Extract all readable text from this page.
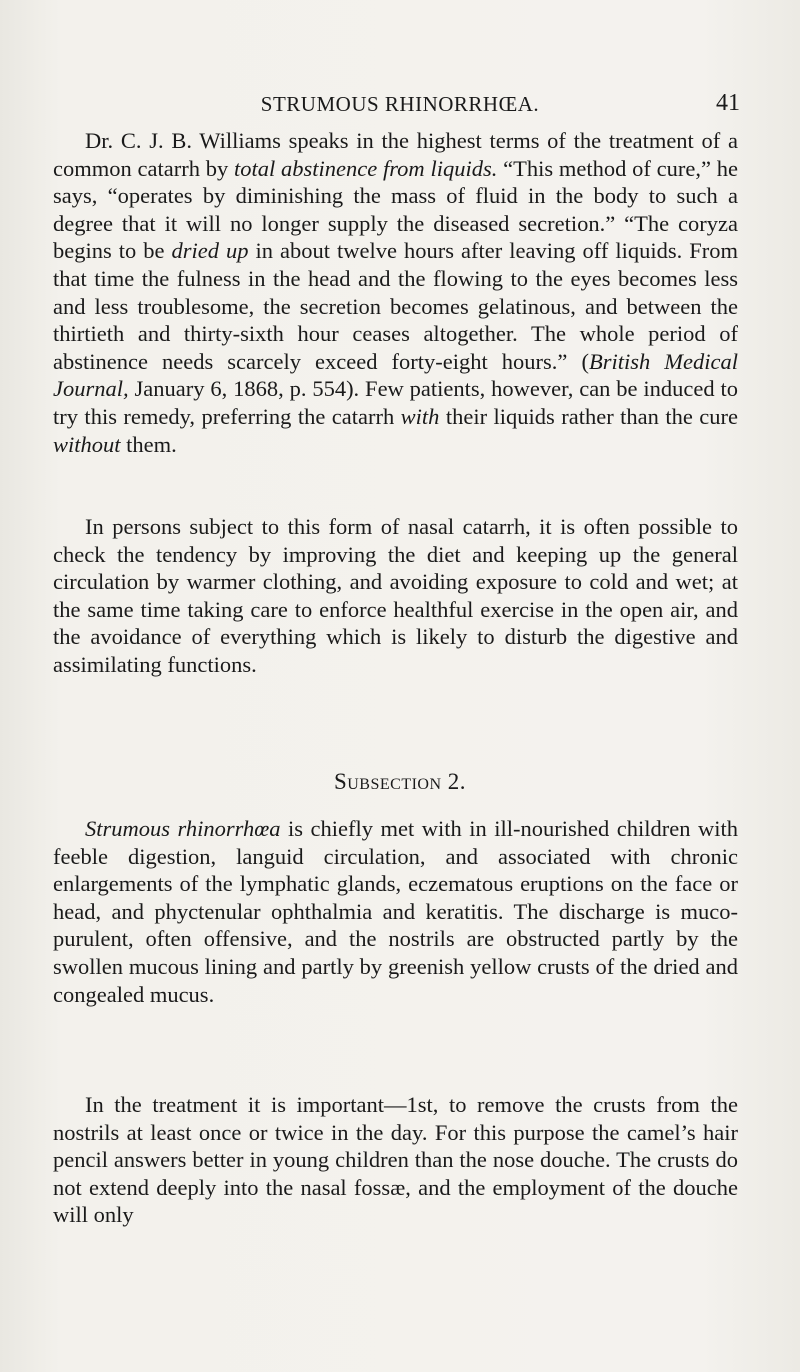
STRUMOUS RHINORRHŒA.	41

Dr. C. J. B. Williams speaks in the highest terms of the treatment of a common catarrh by total abstinence from liquids. “This method of cure,” he says, “operates by diminishing the mass of fluid in the body to such a degree that it will no longer supply the diseased secretion.” “The coryza begins to be dried up in about twelve hours after leaving off liquids. From that time the fulness in the head and the flowing to the eyes becomes less and less troublesome, the secretion becomes gelatinous, and between the thirtieth and thirty-sixth hour ceases altogether. The whole period of abstinence needs scarcely exceed forty-eight hours.” (British Medical Journal, January 6, 1868, p. 554). Few patients, however, can be induced to try this remedy, preferring the catarrh with their liquids rather than the cure without them.

In persons subject to this form of nasal catarrh, it is often possible to check the tendency by improving the diet and keeping up the general circulation by warmer clothing, and avoiding exposure to cold and wet; at the same time taking care to enforce healthful exercise in the open air, and the avoidance of everything which is likely to disturb the digestive and assimilating functions.

Subsection 2.

Strumous rhinorrhœa is chiefly met with in ill-nourished children with feeble digestion, languid circulation, and associated with chronic enlargements of the lymphatic glands, eczematous eruptions on the face or head, and phyctenular ophthalmia and keratitis. The discharge is muco-purulent, often offensive, and the nostrils are obstructed partly by the swollen mucous lining and partly by greenish yellow crusts of the dried and congealed mucus.

In the treatment it is important—1st, to remove the crusts from the nostrils at least once or twice in the day. For this purpose the camel’s hair pencil answers better in young children than the nose douche. The crusts do not extend deeply into the nasal fossæ, and the employment of the douche will only
